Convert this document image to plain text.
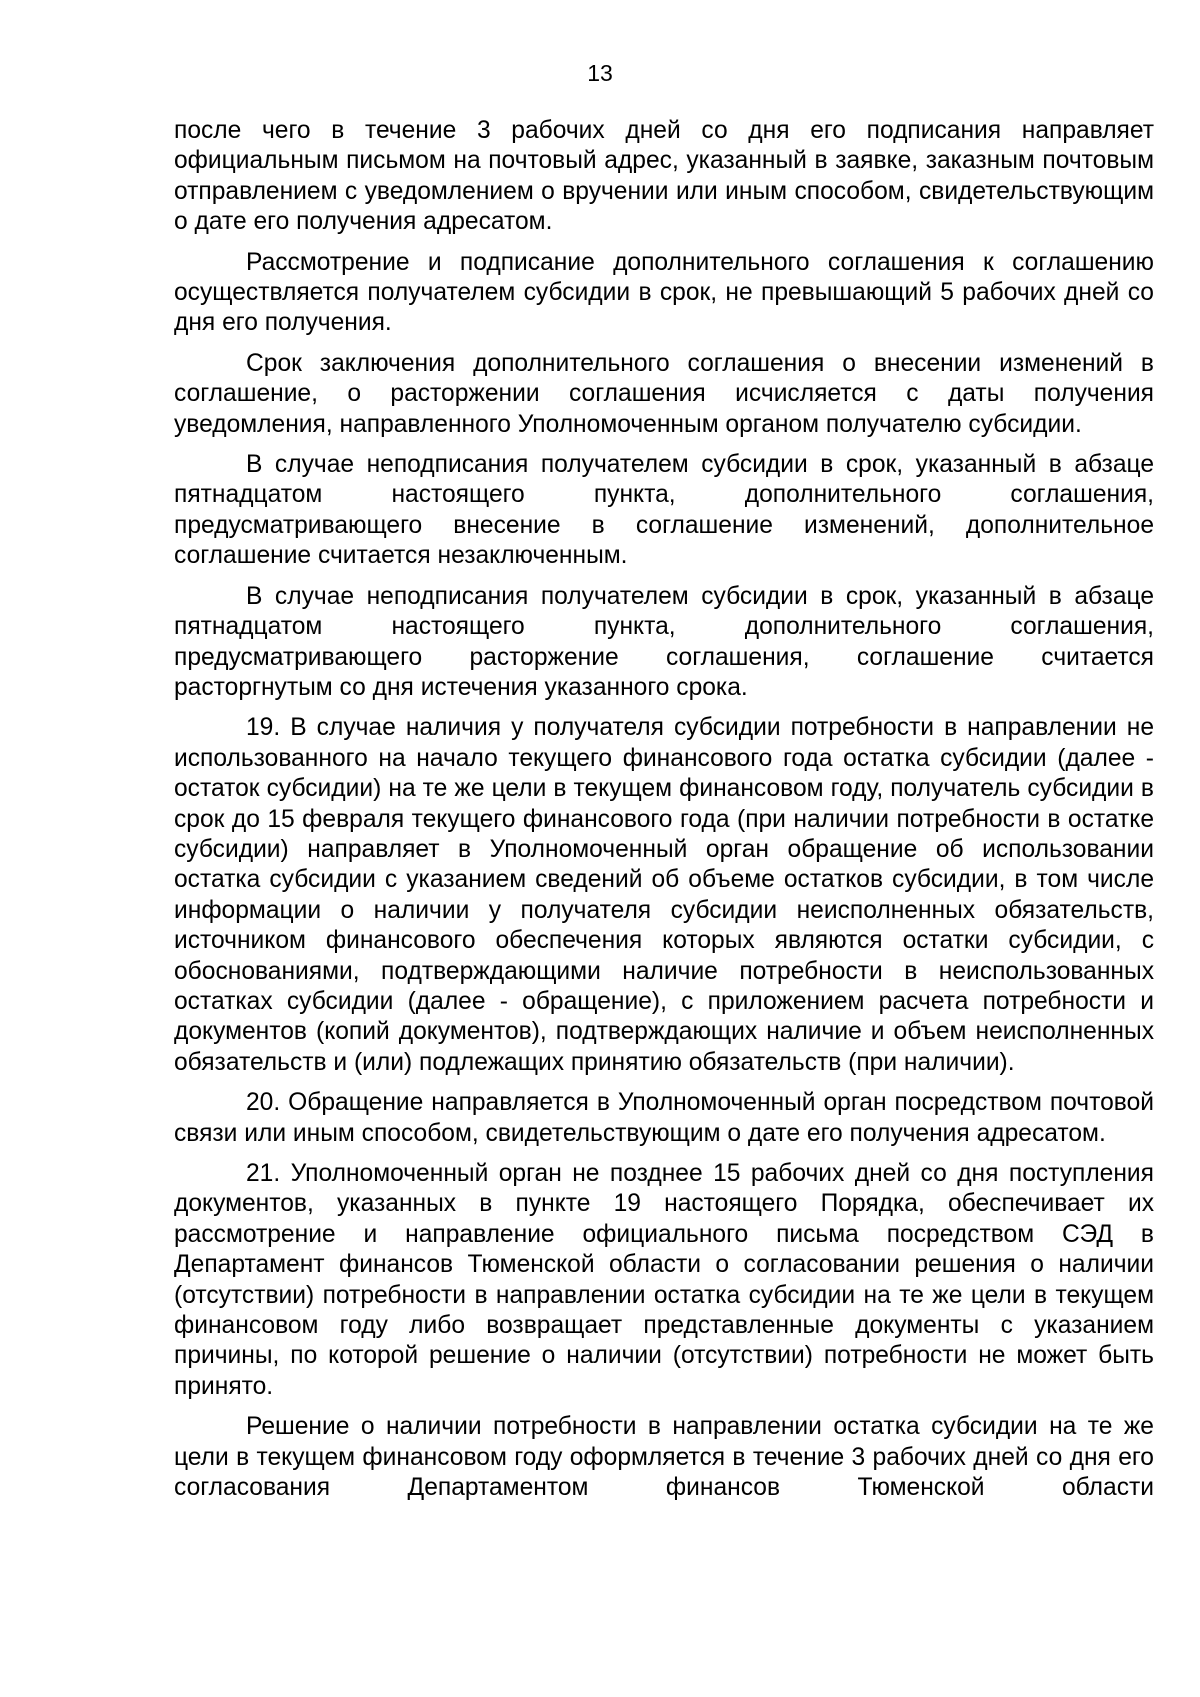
13

после чего в течение 3 рабочих дней со дня его подписания направляет официальным письмом на почтовый адрес, указанный в заявке, заказным почтовым отправлением с уведомлением о вручении или иным способом, свидетельствующим о дате его получения адресатом.

Рассмотрение и подписание дополнительного соглашения к соглашению осуществляется получателем субсидии в срок, не превышающий 5 рабочих дней со дня его получения.

Срок заключения дополнительного соглашения о внесении изменений в соглашение, о расторжении соглашения исчисляется с даты получения уведомления, направленного Уполномоченным органом получателю субсидии.

В случае неподписания получателем субсидии в срок, указанный в абзаце пятнадцатом настоящего пункта, дополнительного соглашения, предусматривающего внесение в соглашение изменений, дополнительное соглашение считается незаключенным.

В случае неподписания получателем субсидии в срок, указанный в абзаце пятнадцатом настоящего пункта, дополнительного соглашения, предусматривающего расторжение соглашения, соглашение считается расторгнутым со дня истечения указанного срока.

19. В случае наличия у получателя субсидии потребности в направлении не использованного на начало текущего финансового года остатка субсидии (далее - остаток субсидии) на те же цели в текущем финансовом году, получатель субсидии в срок до 15 февраля текущего финансового года (при наличии потребности в остатке субсидии) направляет в Уполномоченный орган обращение об использовании остатка субсидии с указанием сведений об объеме остатков субсидии, в том числе информации о наличии у получателя субсидии неисполненных обязательств, источником финансового обеспечения которых являются остатки субсидии, с обоснованиями, подтверждающими наличие потребности в неиспользованных остатках субсидии (далее - обращение), с приложением расчета потребности и документов (копий документов), подтверждающих наличие и объем неисполненных обязательств и (или) подлежащих принятию обязательств (при наличии).

20. Обращение направляется в Уполномоченный орган посредством почтовой связи или иным способом, свидетельствующим о дате его получения адресатом.

21. Уполномоченный орган не позднее 15 рабочих дней со дня поступления документов, указанных в пункте 19 настоящего Порядка, обеспечивает их рассмотрение и направление официального письма посредством СЭД в Департамент финансов Тюменской области о согласовании решения о наличии (отсутствии) потребности в направлении остатка субсидии на те же цели в текущем финансовом году либо возвращает представленные документы с указанием причины, по которой решение о наличии (отсутствии) потребности не может быть принято.

Решение о наличии потребности в направлении остатка субсидии на те же цели в текущем финансовом году оформляется в течение 3 рабочих дней со дня его согласования Департаментом финансов Тюменской области
